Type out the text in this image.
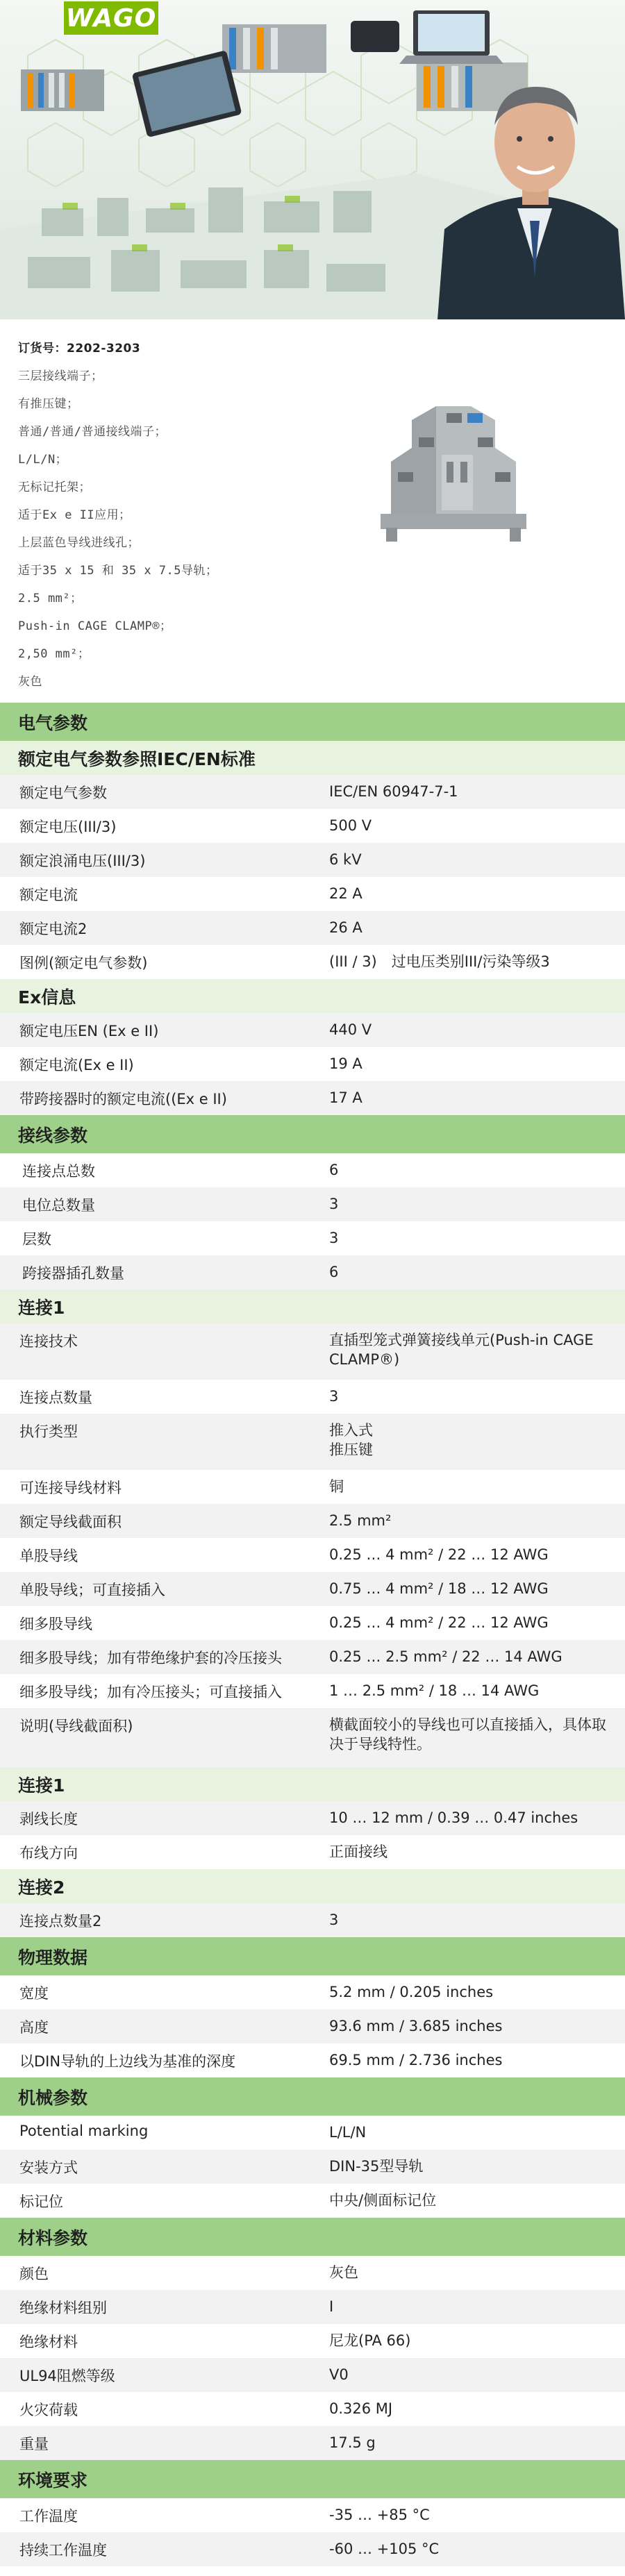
WAGO
订货号：2202-3203
三层接线端子；
有推压键；
普通/普通/普通接线端子；
L/L/N；
无标记托架；
适于Ex e II应用；
上层蓝色导线进线孔；
适于35 x 15 和 35 x 7.5导轨；
2.5 mm²；
Push-in CAGE CLAMP®；
2,50 mm²；
灰色
电气参数
额定电气参数参照IEC/EN标准
额定电气参数	IEC/EN 60947-7-1
额定电压(III/3)	500 V
额定浪涌电压(III/3)	6 kV
额定电流	22 A
额定电流2	26 A
图例(额定电气参数)	(III / 3)　过电压类别III/污染等级3
Ex信息
额定电压EN (Ex e II)	440 V
额定电流(Ex e II)	19 A
带跨接器时的额定电流((Ex e II)	17 A
接线参数
连接点总数	6
电位总数量	3
层数	3
跨接器插孔数量	6
连接1
连接技术	直插型笼式弹簧接线单元(Push-in CAGE CLAMP®)
连接点数量	3
执行类型	推入式
推压键
可连接导线材料	铜
额定导线截面积	2.5 mm²
单股导线	0.25 … 4 mm² / 22 … 12 AWG
单股导线；可直接插入	0.75 … 4 mm² / 18 … 12 AWG
细多股导线	0.25 … 4 mm² / 22 … 12 AWG
细多股导线；加有带绝缘护套的冷压接头	0.25 … 2.5 mm² / 22 … 14 AWG
细多股导线；加有冷压接头；可直接插入	1 … 2.5 mm² / 18 … 14 AWG
说明(导线截面积)	横截面较小的导线也可以直接插入，具体取决于导线特性。
连接1
剥线长度	10 … 12 mm / 0.39 … 0.47 inches
布线方向	正面接线
连接2
连接点数量2	3
物理数据
宽度	5.2 mm / 0.205 inches
高度	93.6 mm / 3.685 inches
以DIN导轨的上边线为基准的深度	69.5 mm / 2.736 inches
机械参数
Potential marking	L/L/N
安装方式	DIN-35型导轨
标记位	中央/侧面标记位
材料参数
颜色	灰色
绝缘材料组别	I
绝缘材料	尼龙(PA 66)
UL94阻燃等级	V0
火灾荷载	0.326 MJ
重量	17.5 g
环境要求
工作温度	-35 … +85 °C
持续工作温度	-60 … +105 °C
